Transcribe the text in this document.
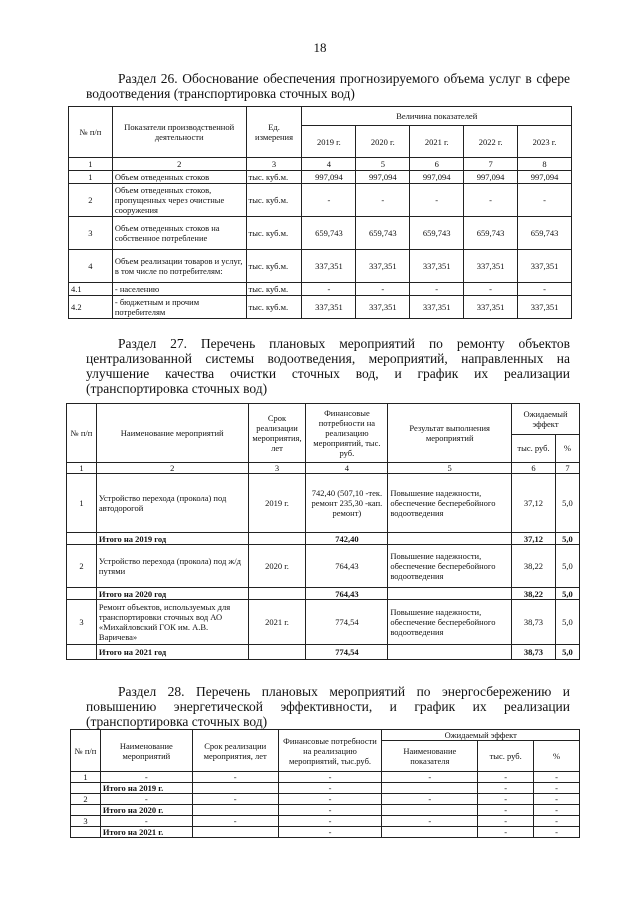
18
Раздел 26. Обоснование обеспечения прогнозируемого объема услуг в сфере водоотведения (транспортировка сточных вод)
№ п/п	Показатели производственной деятельности	Ед. измерения	Величина показателей				
			2019 г.	2020 г.	2021 г.	2022 г.	2023 г.
1	2	3	4	5	6	7	8
1	Объем отведенных стоков	тыс. куб.м.	997,094	997,094	997,094	997,094	997,094
2	Объем отведенных стоков, пропущенных через очистные сооружения	тыс. куб.м.	-	-	-	-	-
3	Объем отведенных стоков на собственное потребление	тыс. куб.м.	659,743	659,743	659,743	659,743	659,743
4	Объем реализации товаров и услуг, в том числе по потребителям:	тыс. куб.м.	337,351	337,351	337,351	337,351	337,351
4.1	- населению	тыс. куб.м.	-	-	-	-	-
4.2	- бюджетным и прочим потребителям	тыс. куб.м.	337,351	337,351	337,351	337,351	337,351
Раздел 27. Перечень плановых мероприятий по ремонту объектов централизованной системы водоотведения, мероприятий, направленных на улучшение качества очистки сточных вод, и график их реализации (транспортировка сточных вод)
№ п/п	Наименование мероприятий	Срок реализации мероприятия, лет	Финансовые потребности на реализацию мероприятий, тыс. руб.	Результат выполнения мероприятий	Ожидаемый эффект	
					тыс. руб.	%
1	2	3	4	5	6	7
1	Устройство перехода (прокола) под автодорогой	2019 г.	742,40 (507,10 -тек. ремонт 235,30 -кап. ремонт)	Повышение надежности, обеспечение бесперебойного водоотведения	37,12	5,0
	Итого на 2019 год		742,40		37,12	5,0
2	Устройство перехода (прокола) под ж/д путями	2020 г.	764,43	Повышение надежности, обеспечение бесперебойного водоотведения	38,22	5,0
	Итого на 2020 год		764,43		38,22	5,0
3	Ремонт объектов, используемых для транспортировки сточных вод АО «Михайловский ГОК им. А.В. Варичева»	2021 г.	774,54	Повышение надежности, обеспечение бесперебойного водоотведения	38,73	5,0
	Итого на 2021 год		774,54		38,73	5,0
Раздел 28. Перечень плановых мероприятий по энергосбережению и повышению энергетической эффективности, и график их реализации (транспортировка сточных вод)
№ п/п	Наименование мероприятий	Срок реализации мероприятия, лет	Финансовые потребности на реализацию мероприятий, тыс.руб.	Ожидаемый эффект		
				Наименование показателя	тыс. руб.	%
1	-	-	-	-	-	-
	Итого на 2019 г.		-		-	-
2	-	-	-	-	-	-
	Итого на 2020 г.		-		-	-
3	-	-	-	-	-	-
	Итого на 2021 г.		-		-	-
